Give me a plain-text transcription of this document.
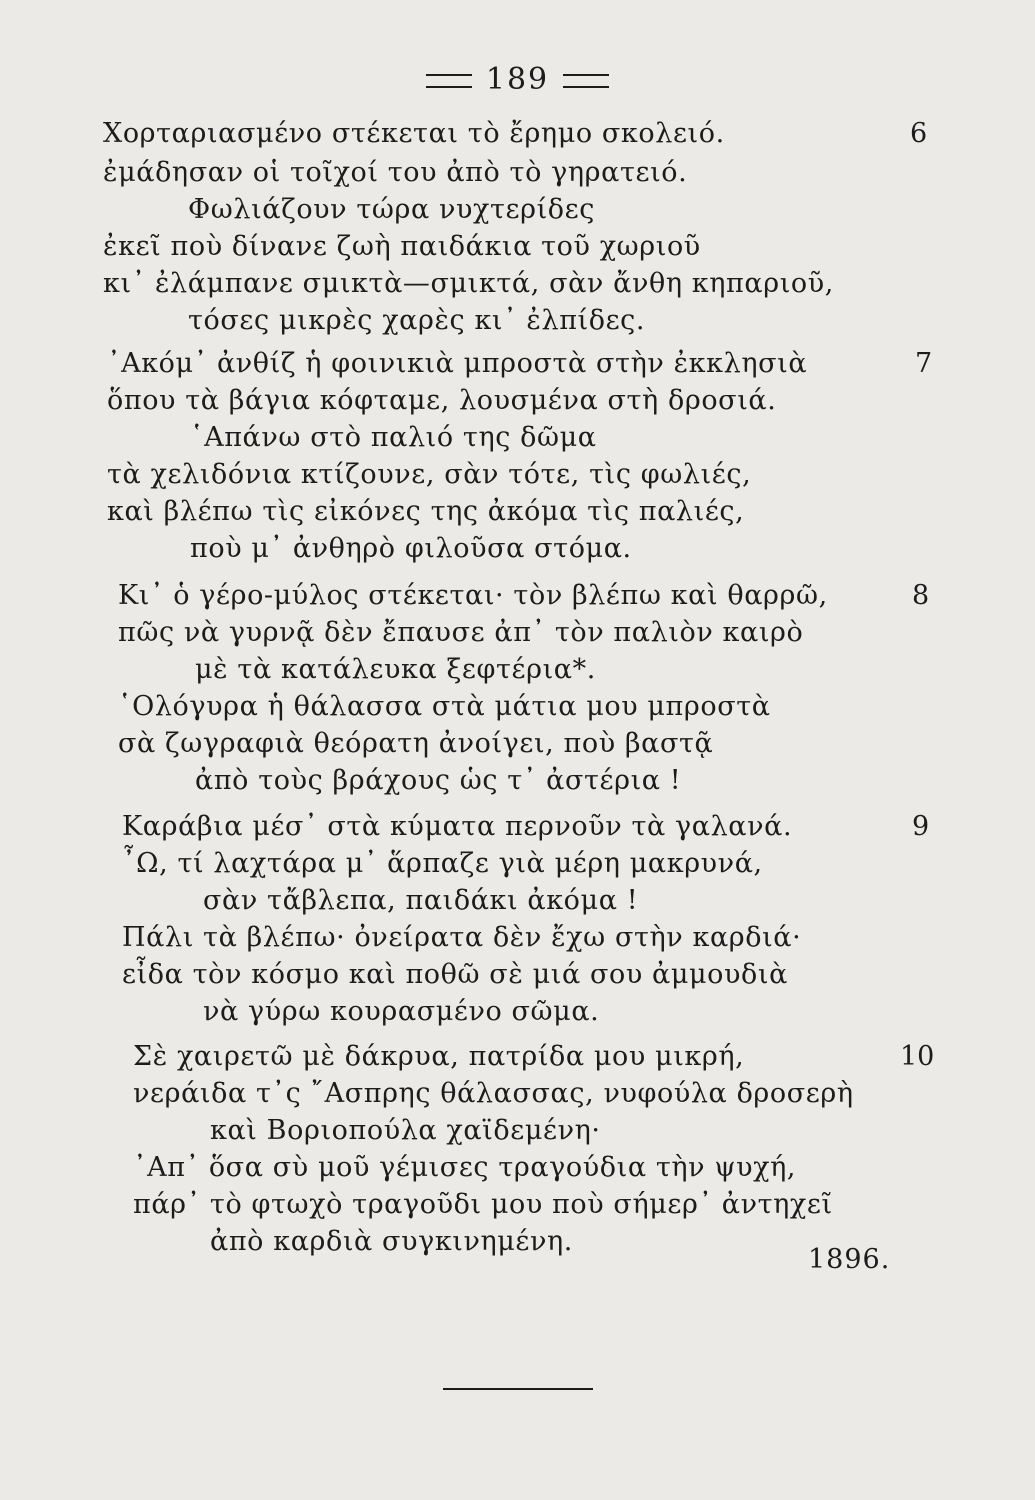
189
Χορταριασμένο στέκεται τὸ ἔρημο σκολειό.
ἐμάδησαν οἱ τοῖχοί του ἀπὸ τὸ γηρατειό.
Φωλιάζουν τώρα νυχτερίδες
ἐκεῖ ποὺ δίνανε ζωὴ παιδάκια τοῦ χωριοῦ
κι᾽ ἐλάμπανε σμικτὰ—σμικτά, σὰν ἄνθη κηπαριοῦ,
τόσες μικρὲς χαρὲς κι᾽ ἐλπίδες.
6
᾽Ακόμ᾽ ἀνθίζ ἡ φοινικιὰ μπροστὰ στὴν ἐκκλησιὰ
ὅπου τὰ βάγια κόφταμε, λουσμένα στὴ δροσιά.
῾Απάνω στὸ παλιό της δῶμα
τὰ χελιδόνια κτίζουνε, σὰν τότε, τὶς φωλιές,
καὶ βλέπω τὶς εἰκόνες της ἀκόμα τὶς παλιές,
ποὺ μ᾽ ἀνθηρὸ φιλοῦσα στόμα.
7
Κι᾽ ὁ γέρο-μύλος στέκεται· τὸν βλέπω καὶ θαρρῶ,
πῶς νὰ γυρνᾷ δὲν ἔπαυσε ἀπ᾽ τὸν παλιὸν καιρὸ
μὲ τὰ κατάλευκα ξεφτέρια*.
῾Ολόγυρα ἡ θάλασσα στὰ μάτια μου μπροστὰ
σὰ ζωγραφιὰ θεόρατη ἀνοίγει, ποὺ βαστᾷ
ἀπὸ τοὺς βράχους ὡς τ᾽ ἀστέρια !
8
Καράβια μέσ᾽ στὰ κύματα περνοῦν τὰ γαλανά.
῏Ω, τί λαχτάρα μ᾽ ἅρπαζε γιὰ μέρη μακρυνά,
σὰν τἄβλεπα, παιδάκι ἀκόμα !
Πάλι τὰ βλέπω· ὀνείρατα δὲν ἔχω στὴν καρδιά·
εἶδα τὸν κόσμο καὶ ποθῶ σὲ μιά σου ἀμμουδιὰ
νὰ γύρω κουρασμένο σῶμα.
9
Σὲ χαιρετῶ μὲ δάκρυα, πατρίδα μου μικρή,
νεράιδα τ᾽ς ῎Ασπρης θάλασσας, νυφούλα δροσερὴ
καὶ Βοριοπούλα χαϊδεμένη·
᾽Απ᾽ ὅσα σὺ μοῦ γέμισες τραγούδια τὴν ψυχή,
πάρ᾽ τὸ φτωχὸ τραγοῦδι μου ποὺ σήμερ᾽ ἀντηχεῖ
ἀπὸ καρδιὰ συγκινημένη.
10
1896.
